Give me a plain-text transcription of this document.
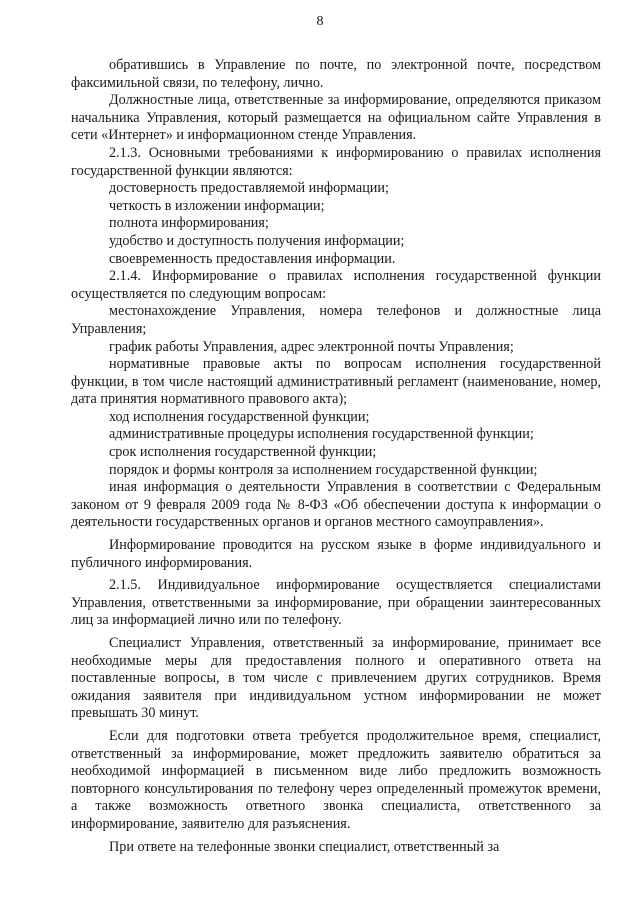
8

обратившись в Управление по почте, по электронной почте, посредством факсимильной связи, по телефону, лично.

Должностные лица, ответственные за информирование, определяются приказом начальника Управления, который размещается на официальном сайте Управления в сети «Интернет» и информационном стенде Управления.

2.1.3. Основными требованиями к информированию о правилах исполнения государственной функции являются:

достоверность предоставляемой информации;

четкость в изложении информации;

полнота информирования;

удобство и доступность получения информации;

своевременность предоставления информации.

2.1.4. Информирование о правилах исполнения государственной функции осуществляется по следующим вопросам:

местонахождение Управления, номера телефонов и должностные лица Управления;

график работы Управления, адрес электронной почты Управления;

нормативные правовые акты по вопросам исполнения государственной функции, в том числе настоящий административный регламент (наименование, номер, дата принятия нормативного правового акта);

ход исполнения государственной функции;

административные процедуры исполнения государственной функции;

срок исполнения государственной функции;

порядок и формы контроля за исполнением государственной функции;

иная информация о деятельности Управления в соответствии с Федеральным законом от 9 февраля 2009 года № 8-ФЗ «Об обеспечении доступа к информации о деятельности государственных органов и органов местного самоуправления».

Информирование проводится на русском языке в форме индивидуального и публичного информирования.

2.1.5. Индивидуальное информирование осуществляется специалистами Управления, ответственными за информирование, при обращении заинтересованных лиц за информацией лично или по телефону.

Специалист Управления, ответственный за информирование, принимает все необходимые меры для предоставления полного и оперативного ответа на поставленные вопросы, в том числе с привлечением других сотрудников. Время ожидания заявителя при индивидуальном устном информировании не может превышать 30 минут.

Если для подготовки ответа требуется продолжительное время, специалист, ответственный за информирование, может предложить заявителю обратиться за необходимой информацией в письменном виде либо предложить возможность повторного консультирования по телефону через определенный промежуток времени, а также возможность ответного звонка специалиста, ответственного за информирование, заявителю для разъяснения.

При ответе на телефонные звонки специалист, ответственный за
